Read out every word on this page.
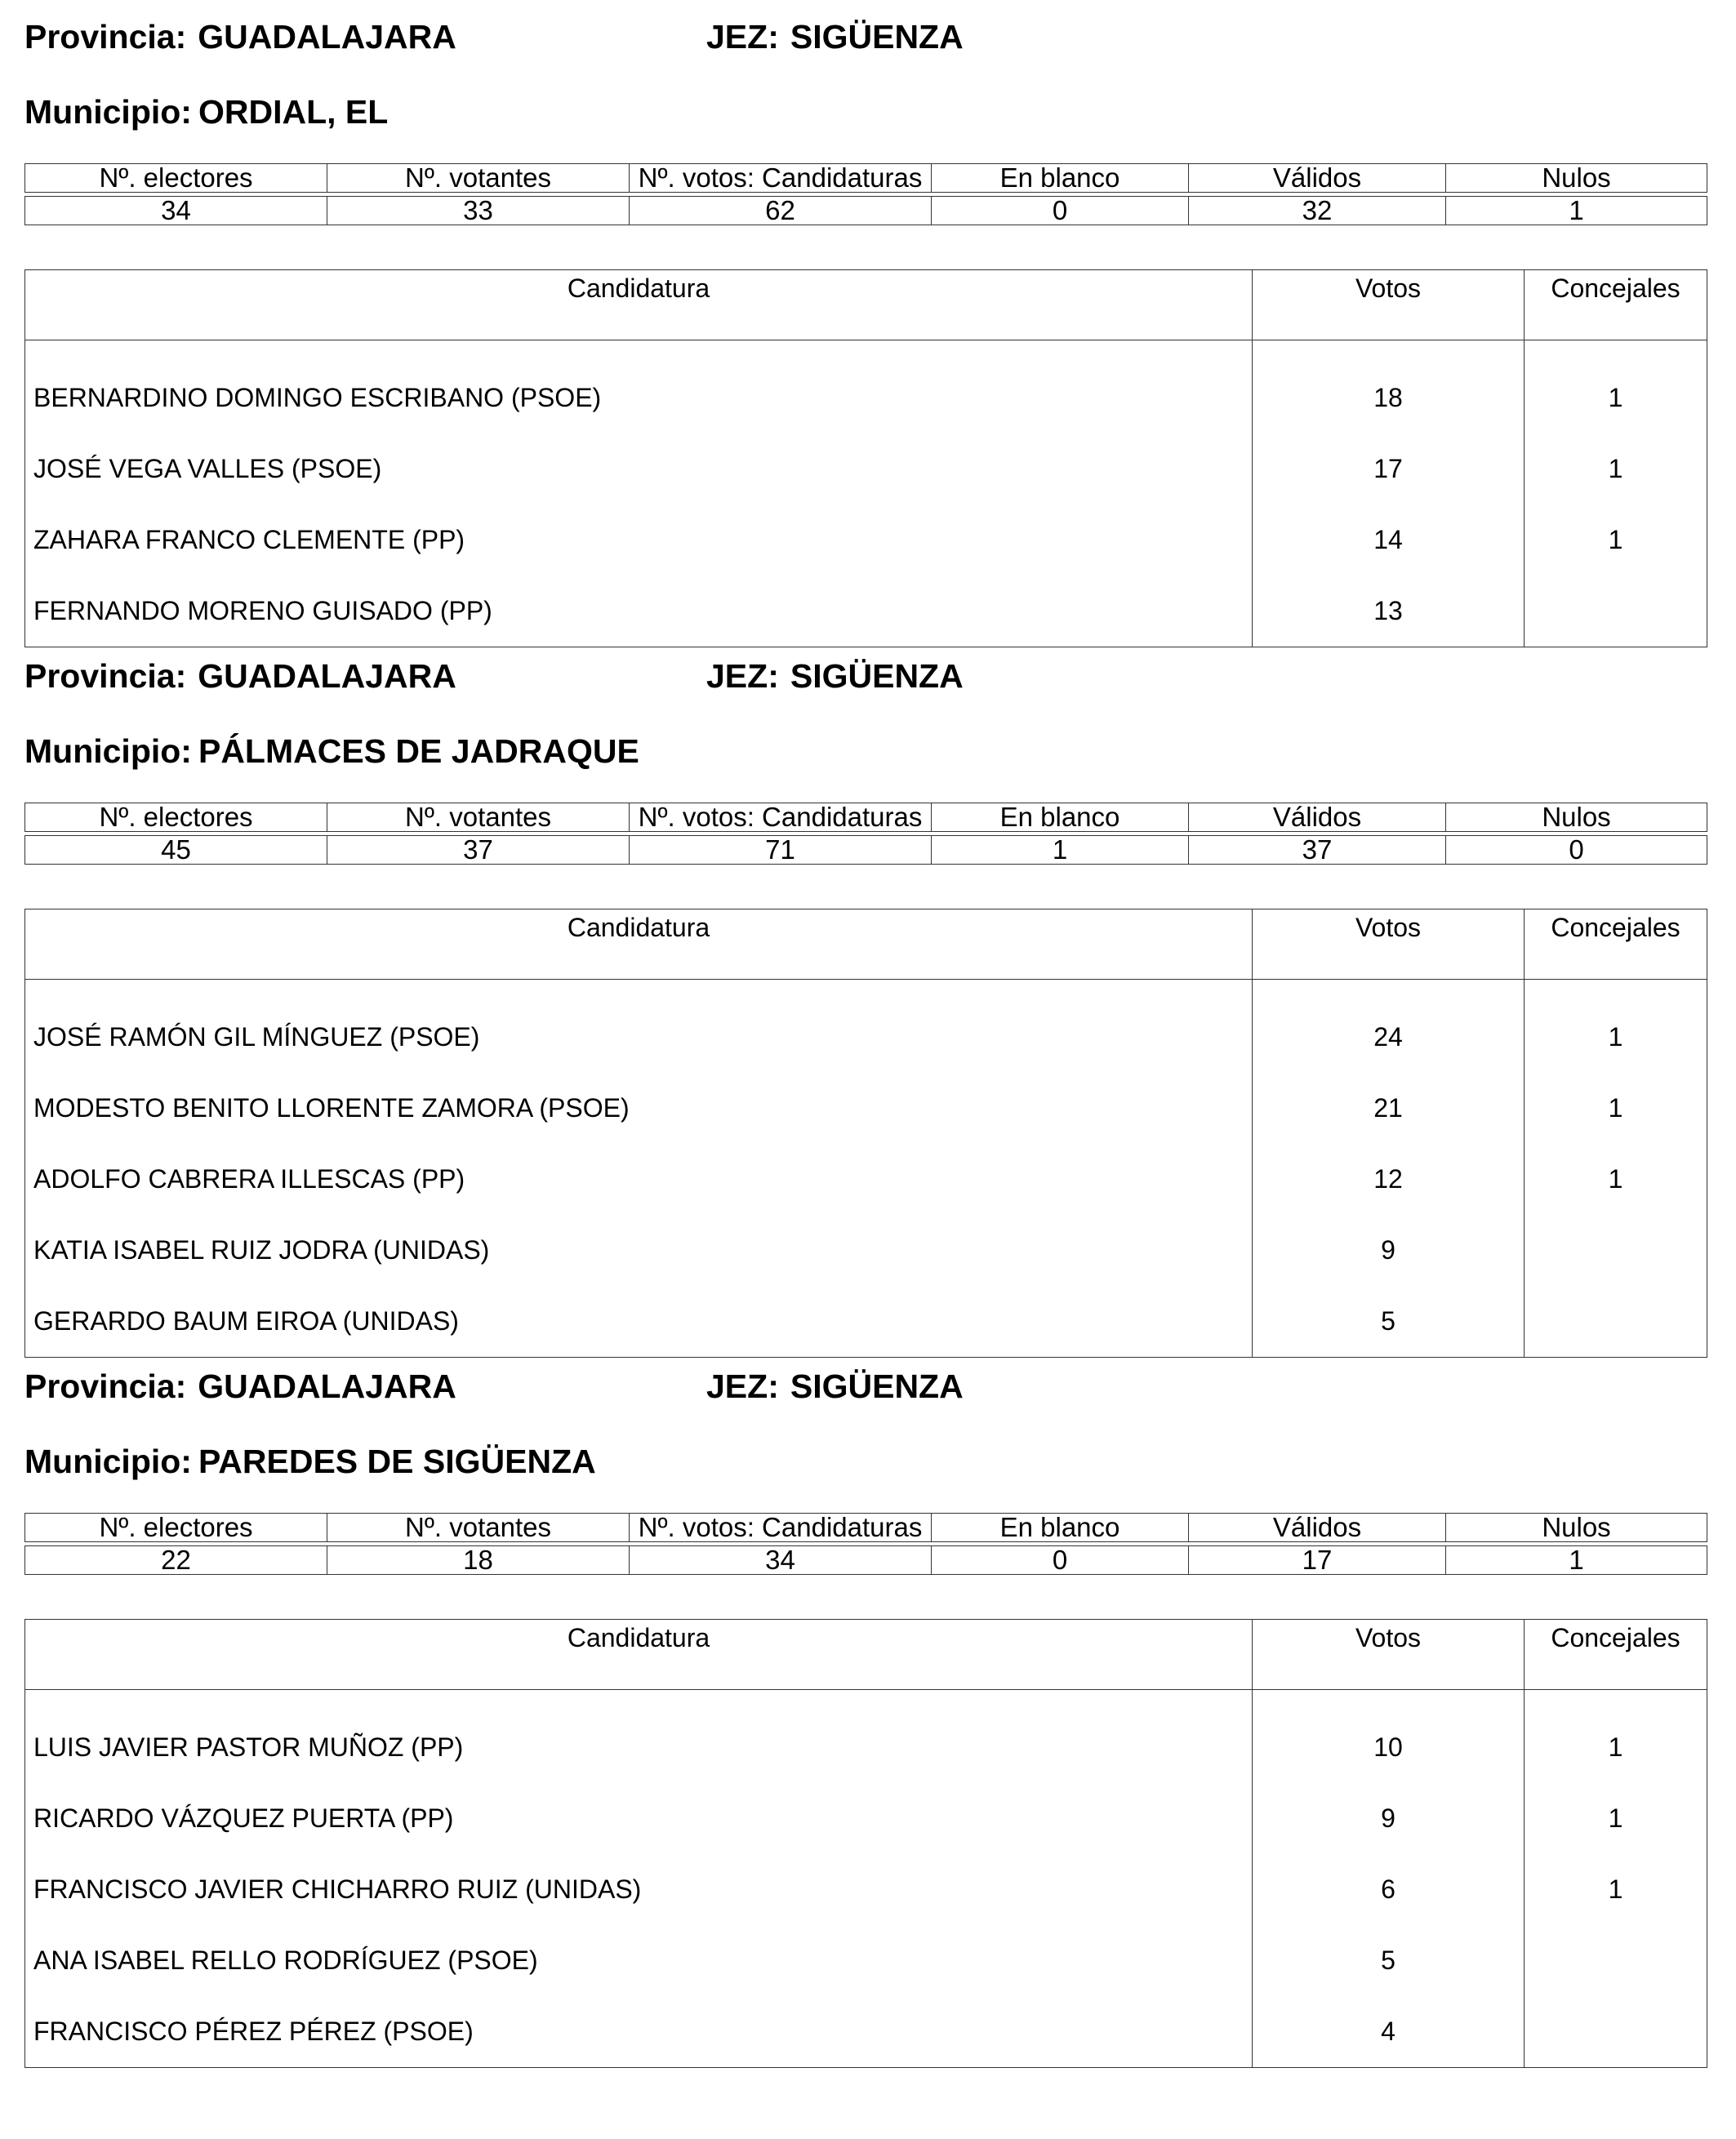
Provincia: GUADALAJARA	JEZ: SIGÜENZA
Municipio: ORDIAL, EL
Nº. electores	Nº. votantes	Nº. votos: Candidaturas	En blanco	Válidos	Nulos

34	33	62	0	32	1
Candidatura	Votos	Concejales

BERNARDINO DOMINGO ESCRIBANO (PSOE)	18	1
JOSÉ VEGA VALLES (PSOE)	17	1
ZAHARA FRANCO CLEMENTE (PP)	14	1
FERNANDO MORENO GUISADO (PP)	13	
Provincia: GUADALAJARA	JEZ: SIGÜENZA
Municipio: PÁLMACES DE JADRAQUE
Nº. electores	Nº. votantes	Nº. votos: Candidaturas	En blanco	Válidos	Nulos

45	37	71	1	37	0
Candidatura	Votos	Concejales

JOSÉ RAMÓN GIL MÍNGUEZ (PSOE)	24	1
MODESTO BENITO LLORENTE ZAMORA (PSOE)	21	1
ADOLFO CABRERA ILLESCAS (PP)	12	1
KATIA ISABEL RUIZ JODRA (UNIDAS)	9	
GERARDO BAUM EIROA (UNIDAS)	5	
Provincia: GUADALAJARA	JEZ: SIGÜENZA
Municipio: PAREDES DE SIGÜENZA
Nº. electores	Nº. votantes	Nº. votos: Candidaturas	En blanco	Válidos	Nulos

22	18	34	0	17	1
Candidatura	Votos	Concejales

LUIS JAVIER PASTOR MUÑOZ (PP)	10	1
RICARDO VÁZQUEZ PUERTA (PP)	9	1
FRANCISCO JAVIER CHICHARRO RUIZ (UNIDAS)	6	1
ANA ISABEL RELLO RODRÍGUEZ (PSOE)	5	
FRANCISCO PÉREZ PÉREZ (PSOE)	4	
